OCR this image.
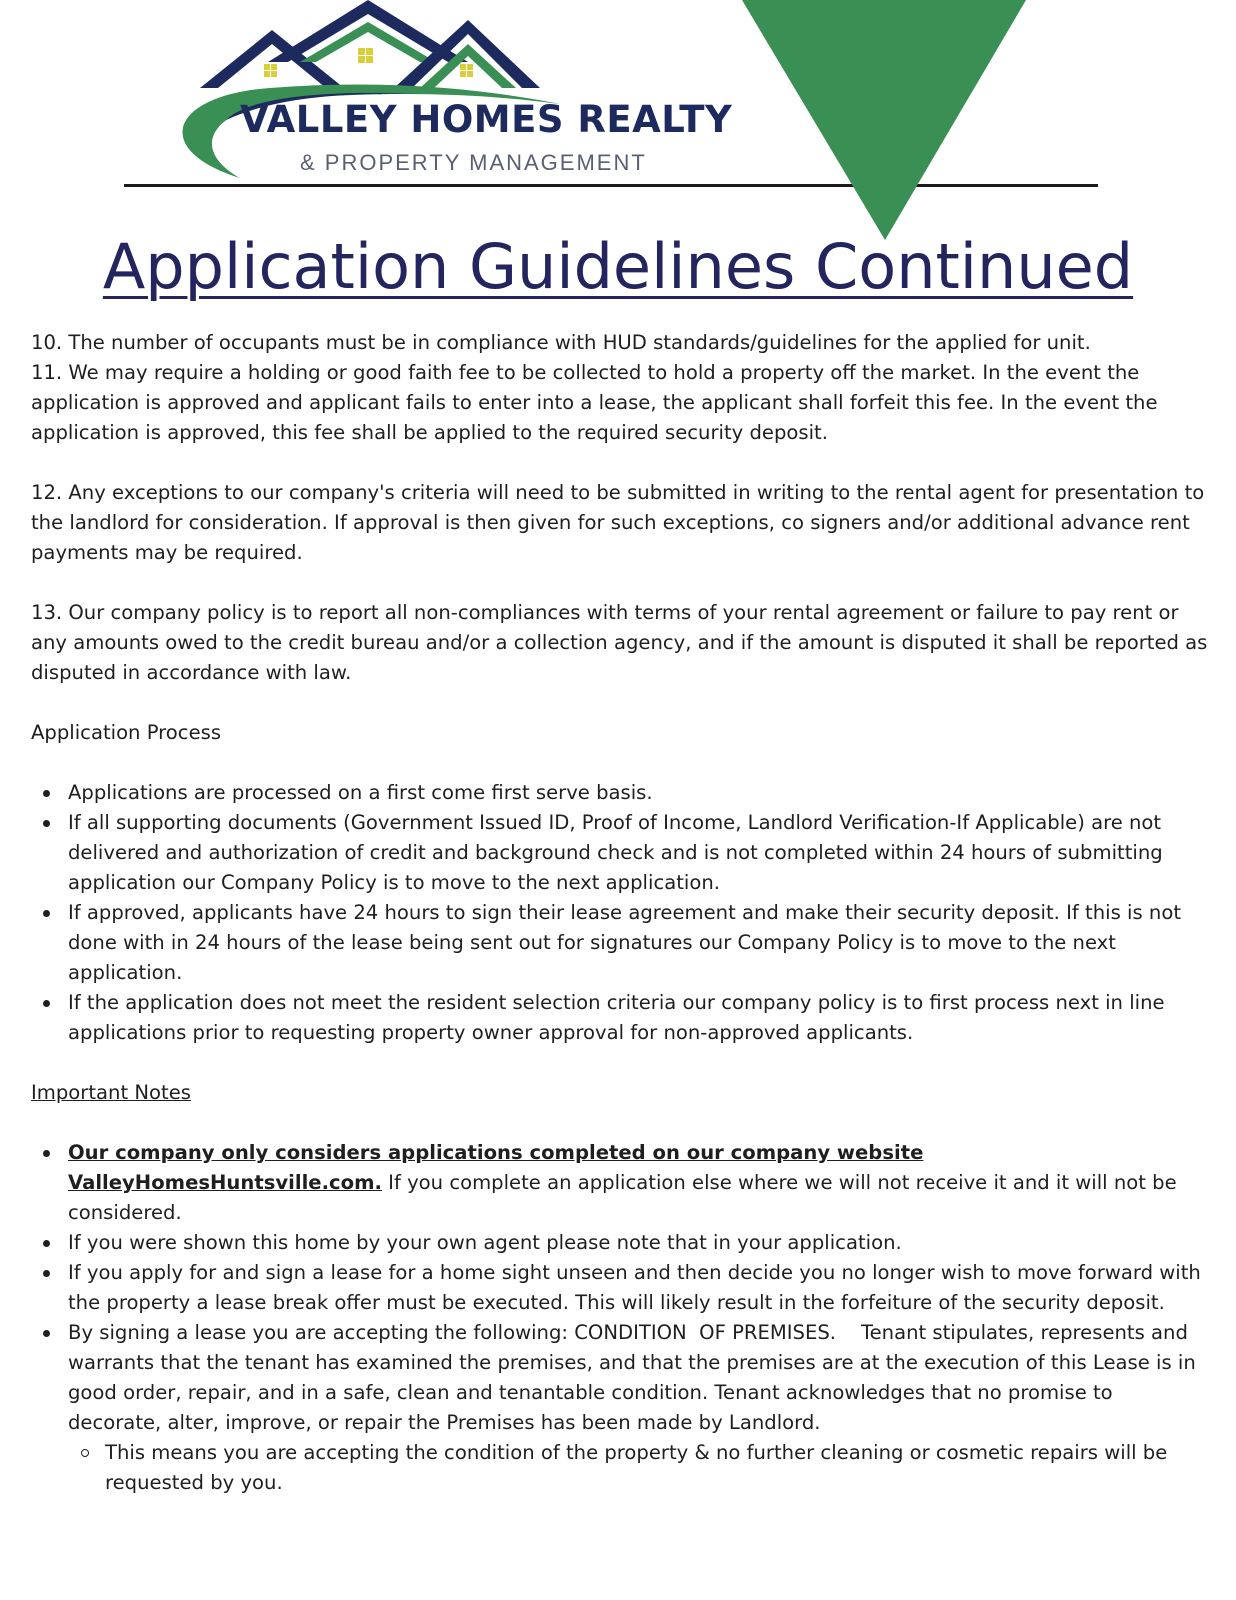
VALLEY HOMES REALTY
& PROPERTY MANAGEMENT
Application Guidelines Continued

10. The number of occupants must be in compliance with HUD standards/guidelines for the applied for unit.

11. We may require a holding or good faith fee to be collected to hold a property off the market. In the event the application is approved and applicant fails to enter into a lease, the applicant shall forfeit this fee. In the event the application is approved, this fee shall be applied to the required security deposit.

12. Any exceptions to our company's criteria will need to be submitted in writing to the rental agent for presentation to the landlord for consideration. If approval is then given for such exceptions, co signers and/or additional advance rent payments may be required.

13. Our company policy is to report all non-compliances with terms of your rental agreement or failure to pay rent or any amounts owed to the credit bureau and/or a collection agency, and if the amount is disputed it shall be reported as

disputed in accordance with law.

Application Process

Applications are processed on a first come first serve basis.
If all supporting documents (Government Issued ID, Proof of Income, Landlord Verification-If Applicable) are not delivered and authorization of credit and background check and is not completed within 24 hours of submitting application our Company Policy is to move to the next application.
If approved, applicants have 24 hours to sign their lease agreement and make their security deposit. If this is not done with in 24 hours of the lease being sent out for signatures our Company Policy is to move to the next application.
If the application does not meet the resident selection criteria our company policy is to first process next in line applications prior to requesting property owner approval for non-approved applicants.

Important Notes

Our company only considers applications completed on our company website
ValleyHomesHuntsville.com. If you complete an application else where we will not receive it and it will not be considered.
If you were shown this home by your own agent please note that in your application.
If you apply for and sign a lease for a home sight unseen and then decide you no longer wish to move forward with the property a lease break offer must be executed. This will likely result in the forfeiture of the security deposit.
By signing a lease you are accepting the following: CONDITION  OF PREMISES.    Tenant stipulates, represents and warrants that the tenant has examined the premises, and that the premises are at the execution of this Lease is in good order, repair, and in a safe, clean and tenantable condition. Tenant acknowledges that no promise to decorate, alter, improve, or repair the Premises has been made by Landlord.
This means you are accepting the condition of the property & no further cleaning or cosmetic repairs will be requested by you.
